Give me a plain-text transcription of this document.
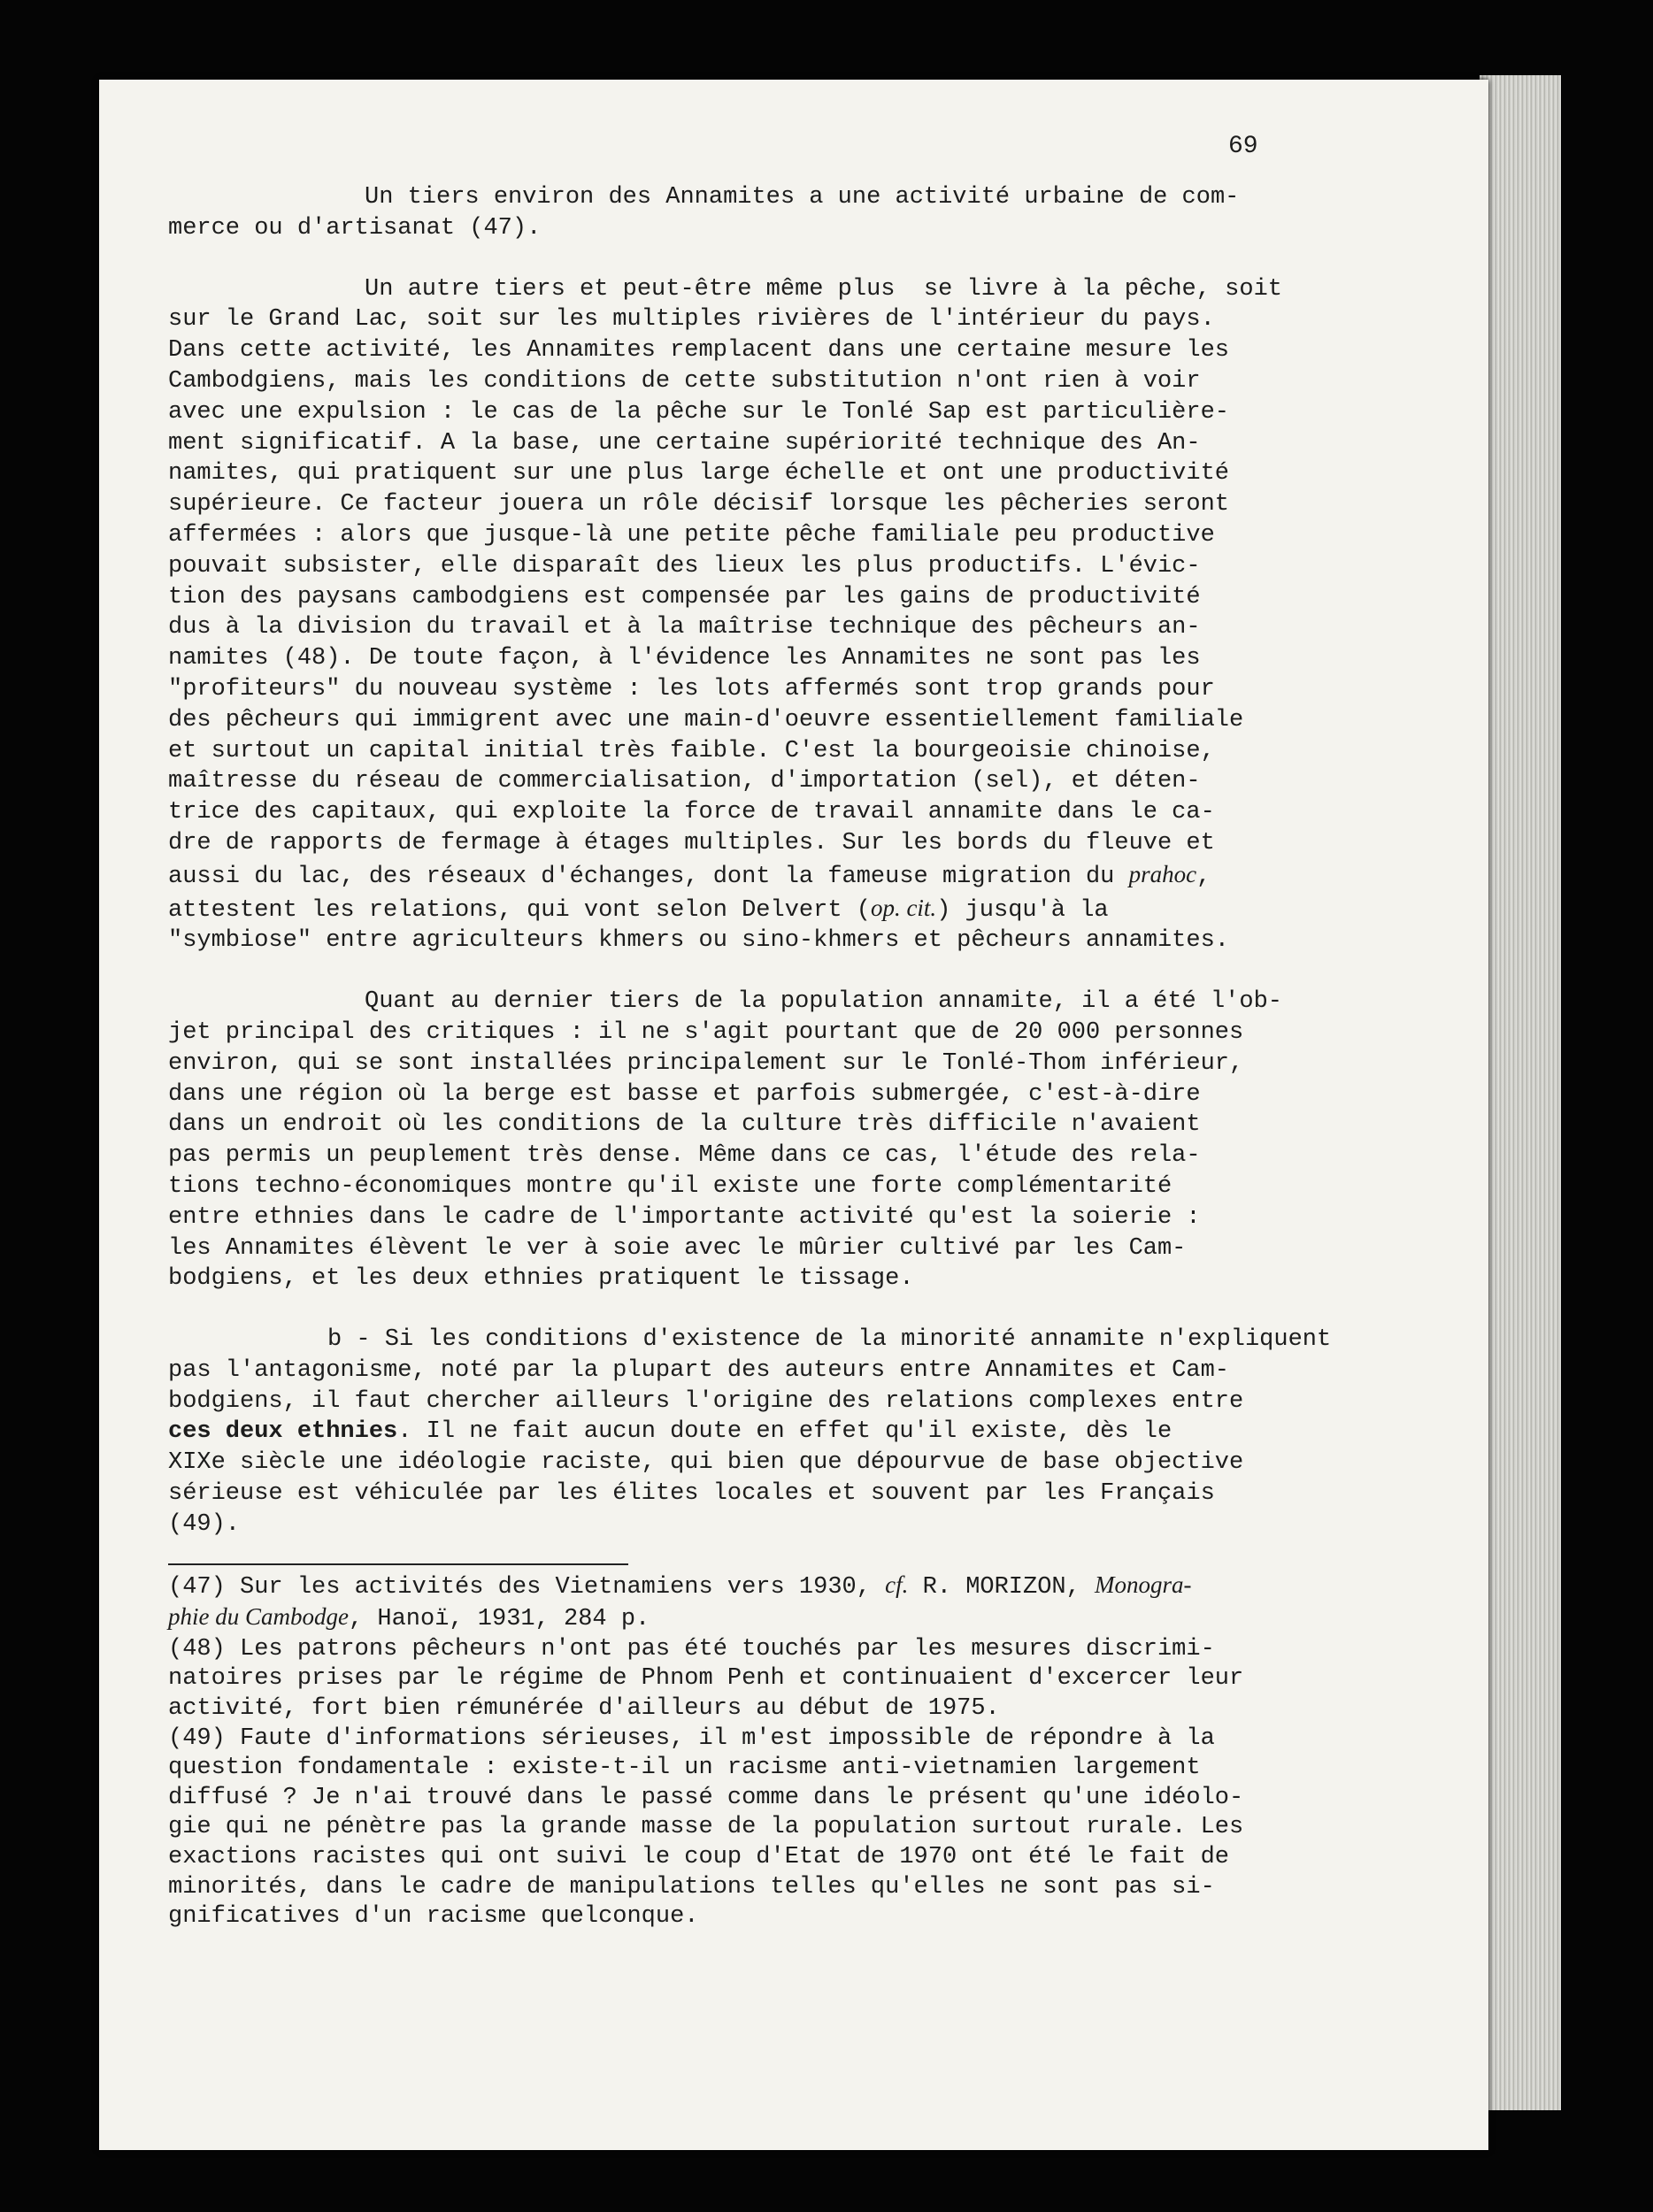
69

Un tiers environ des Annamites a une activité urbaine de com-
merce ou d'artisanat (47).

Un autre tiers et peut-être même plus  se livre à la pêche, soit
sur le Grand Lac, soit sur les multiples rivières de l'intérieur du pays.
Dans cette activité, les Annamites remplacent dans une certaine mesure les
Cambodgiens, mais les conditions de cette substitution n'ont rien à voir
avec une expulsion : le cas de la pêche sur le Tonlé Sap est particulière-
ment significatif. A la base, une certaine supériorité technique des An-
namites, qui pratiquent sur une plus large échelle et ont une productivité
supérieure. Ce facteur jouera un rôle décisif lorsque les pêcheries seront
affermées : alors que jusque-là une petite pêche familiale peu productive
pouvait subsister, elle disparaît des lieux les plus productifs. L'évic-
tion des paysans cambodgiens est compensée par les gains de productivité
dus à la division du travail et à la maîtrise technique des pêcheurs an-
namites (48). De toute façon, à l'évidence les Annamites ne sont pas les
"profiteurs" du nouveau système : les lots affermés sont trop grands pour
des pêcheurs qui immigrent avec une main-d'oeuvre essentiellement familiale
et surtout un capital initial très faible. C'est la bourgeoisie chinoise,
maîtresse du réseau de commercialisation, d'importation (sel), et déten-
trice des capitaux, qui exploite la force de travail annamite dans le ca-
dre de rapports de fermage à étages multiples. Sur les bords du fleuve et
aussi du lac, des réseaux d'échanges, dont la fameuse migration du prahoc,
attestent les relations, qui vont selon Delvert (op. cit.) jusqu'à la
"symbiose" entre agriculteurs khmers ou sino-khmers et pêcheurs annamites.

Quant au dernier tiers de la population annamite, il a été l'ob-
jet principal des critiques : il ne s'agit pourtant que de 20 000 personnes
environ, qui se sont installées principalement sur le Tonlé-Thom inférieur,
dans une région où la berge est basse et parfois submergée, c'est-à-dire
dans un endroit où les conditions de la culture très difficile n'avaient
pas permis un peuplement très dense. Même dans ce cas, l'étude des rela-
tions techno-économiques montre qu'il existe une forte complémentarité
entre ethnies dans le cadre de l'importante activité qu'est la soierie :
les Annamites élèvent le ver à soie avec le mûrier cultivé par les Cam-
bodgiens, et les deux ethnies pratiquent le tissage.

b - Si les conditions d'existence de la minorité annamite n'expliquent
pas l'antagonisme, noté par la plupart des auteurs entre Annamites et Cam-
bodgiens, il faut chercher ailleurs l'origine des relations complexes entre
ces deux ethnies. Il ne fait aucun doute en effet qu'il existe, dès le
XIXe siècle une idéologie raciste, qui bien que dépourvue de base objective
sérieuse est véhiculée par les élites locales et souvent par les Français
(49).

(47) Sur les activités des Vietnamiens vers 1930, cf. R. MORIZON, Monogra-
phie du Cambodge, Hanoï, 1931, 284 p.
(48) Les patrons pêcheurs n'ont pas été touchés par les mesures discrimi-
natoires prises par le régime de Phnom Penh et continuaient d'excercer leur
activité, fort bien rémunérée d'ailleurs au début de 1975.
(49) Faute d'informations sérieuses, il m'est impossible de répondre à la
question fondamentale : existe-t-il un racisme anti-vietnamien largement
diffusé ? Je n'ai trouvé dans le passé comme dans le présent qu'une idéolo-
gie qui ne pénètre pas la grande masse de la population surtout rurale. Les
exactions racistes qui ont suivi le coup d'Etat de 1970 ont été le fait de
minorités, dans le cadre de manipulations telles qu'elles ne sont pas si-
gnificatives d'un racisme quelconque.
